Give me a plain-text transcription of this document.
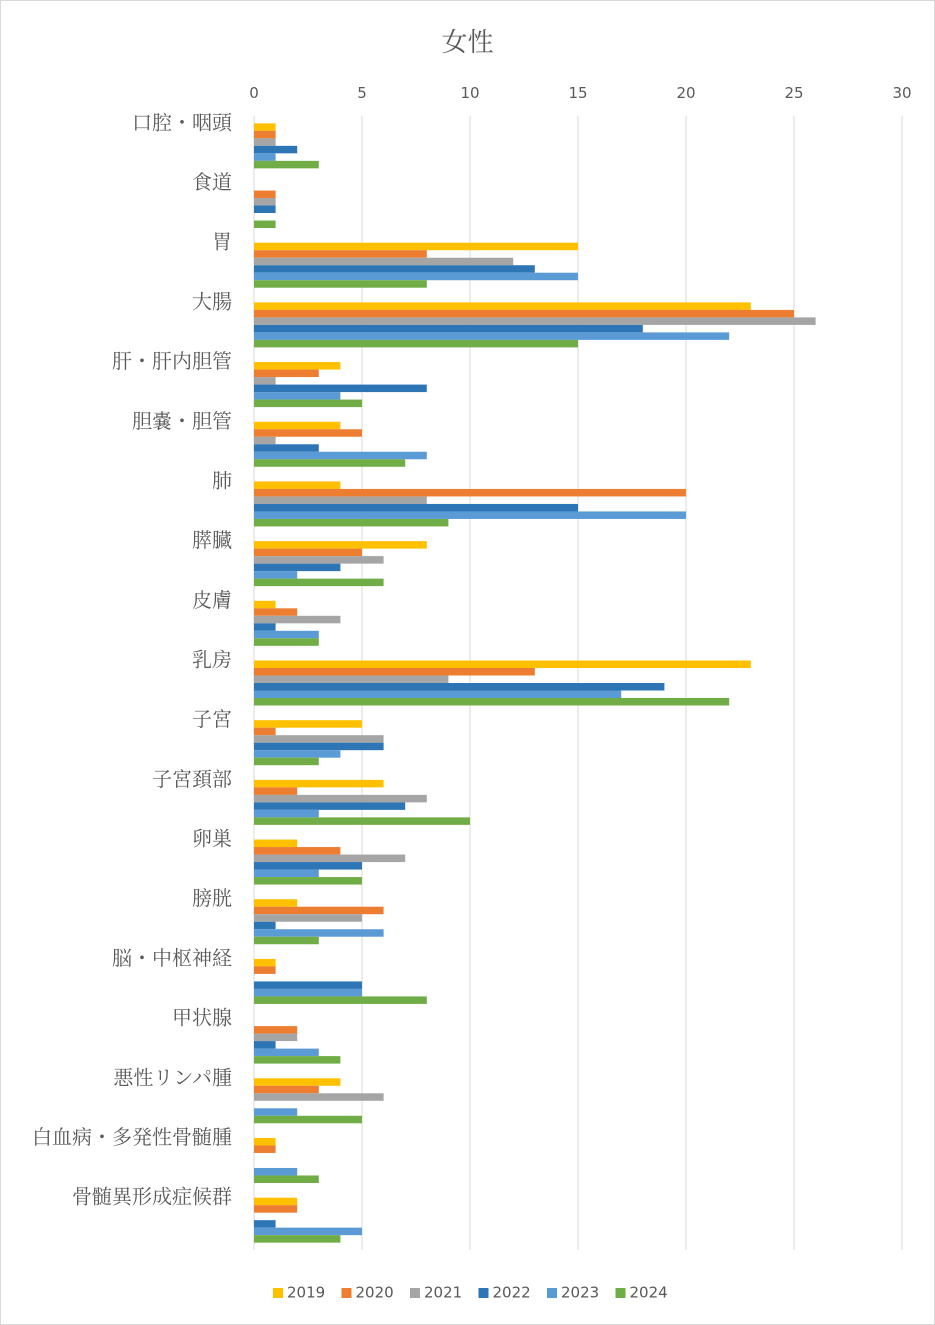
女性
0	5	10	15	20	25	30
口腔・咽頭
食道
胃
大腸
肝・肝内胆管
胆嚢・胆管
肺
膵臓
皮膚
乳房
子宮
子宮頚部
卵巣
膀胱
脳・中枢神経
甲状腺
悪性リンパ腫
白血病・多発性骨髄腫
骨髄異形成症候群
2019 2020 2021 2022 2023 2024
